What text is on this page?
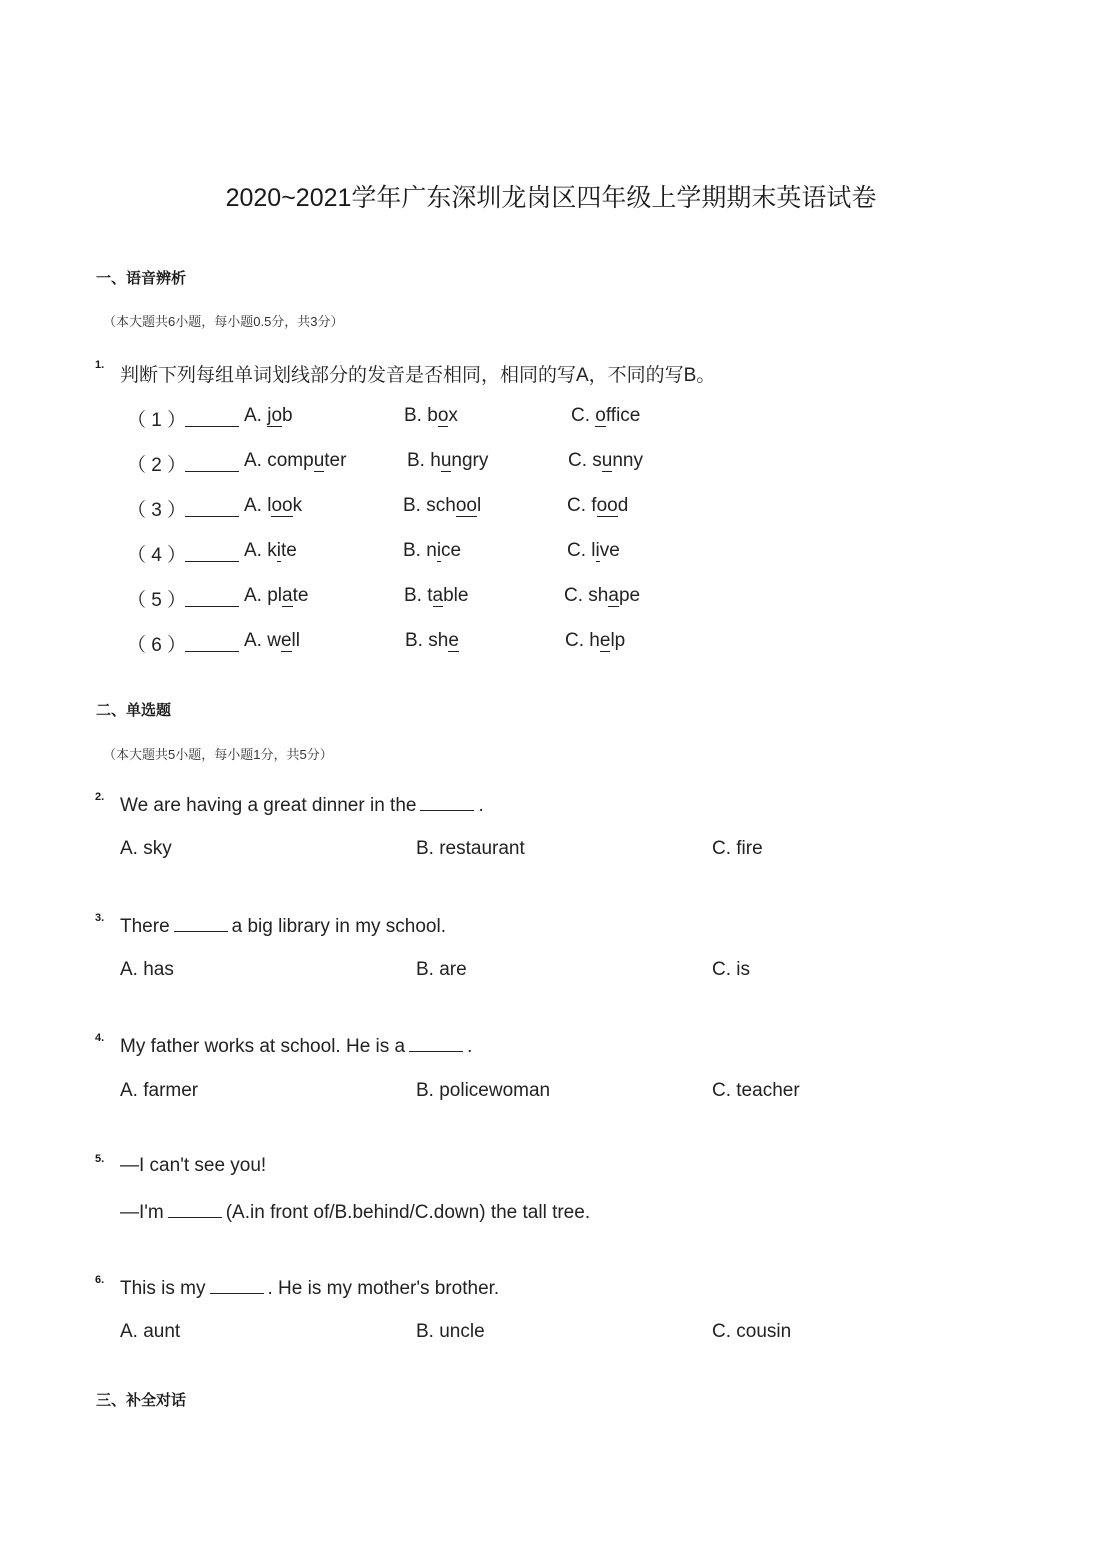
2020~2021学年广东深圳龙岗区四年级上学期期末英语试卷
一、语音辨析
（本大题共6小题，每小题0.5分，共3分）
1. 判断下列每组单词划线部分的发音是否相同，相同的写A，不同的写B。
（ 1 ）	A. job	B. box	C. office
（ 2 ）	A. computer	B. hungry	C. sunny
（ 3 ）	A. look	B. school	C. food
（ 4 ）	A. kite	B. nice	C. live
（ 5 ）	A. plate	B. table	C. shape
（ 6 ）	A. well	B. she	C. help
二、单选题
（本大题共5小题，每小题1分，共5分）
2. We are having a great dinner in the	.
A. sky	B. restaurant	C. fire
3. There	a big library in my school.
A. has	B. are	C. is
4. My father works at school. He is a	.
A. farmer	B. policewoman	C. teacher
5. —I can't see you!
—I'm	(A.in front of/B.behind/C.down) the tall tree.
6. This is my	. He is my mother's brother.
A. aunt	B. uncle	C. cousin
三、补全对话
